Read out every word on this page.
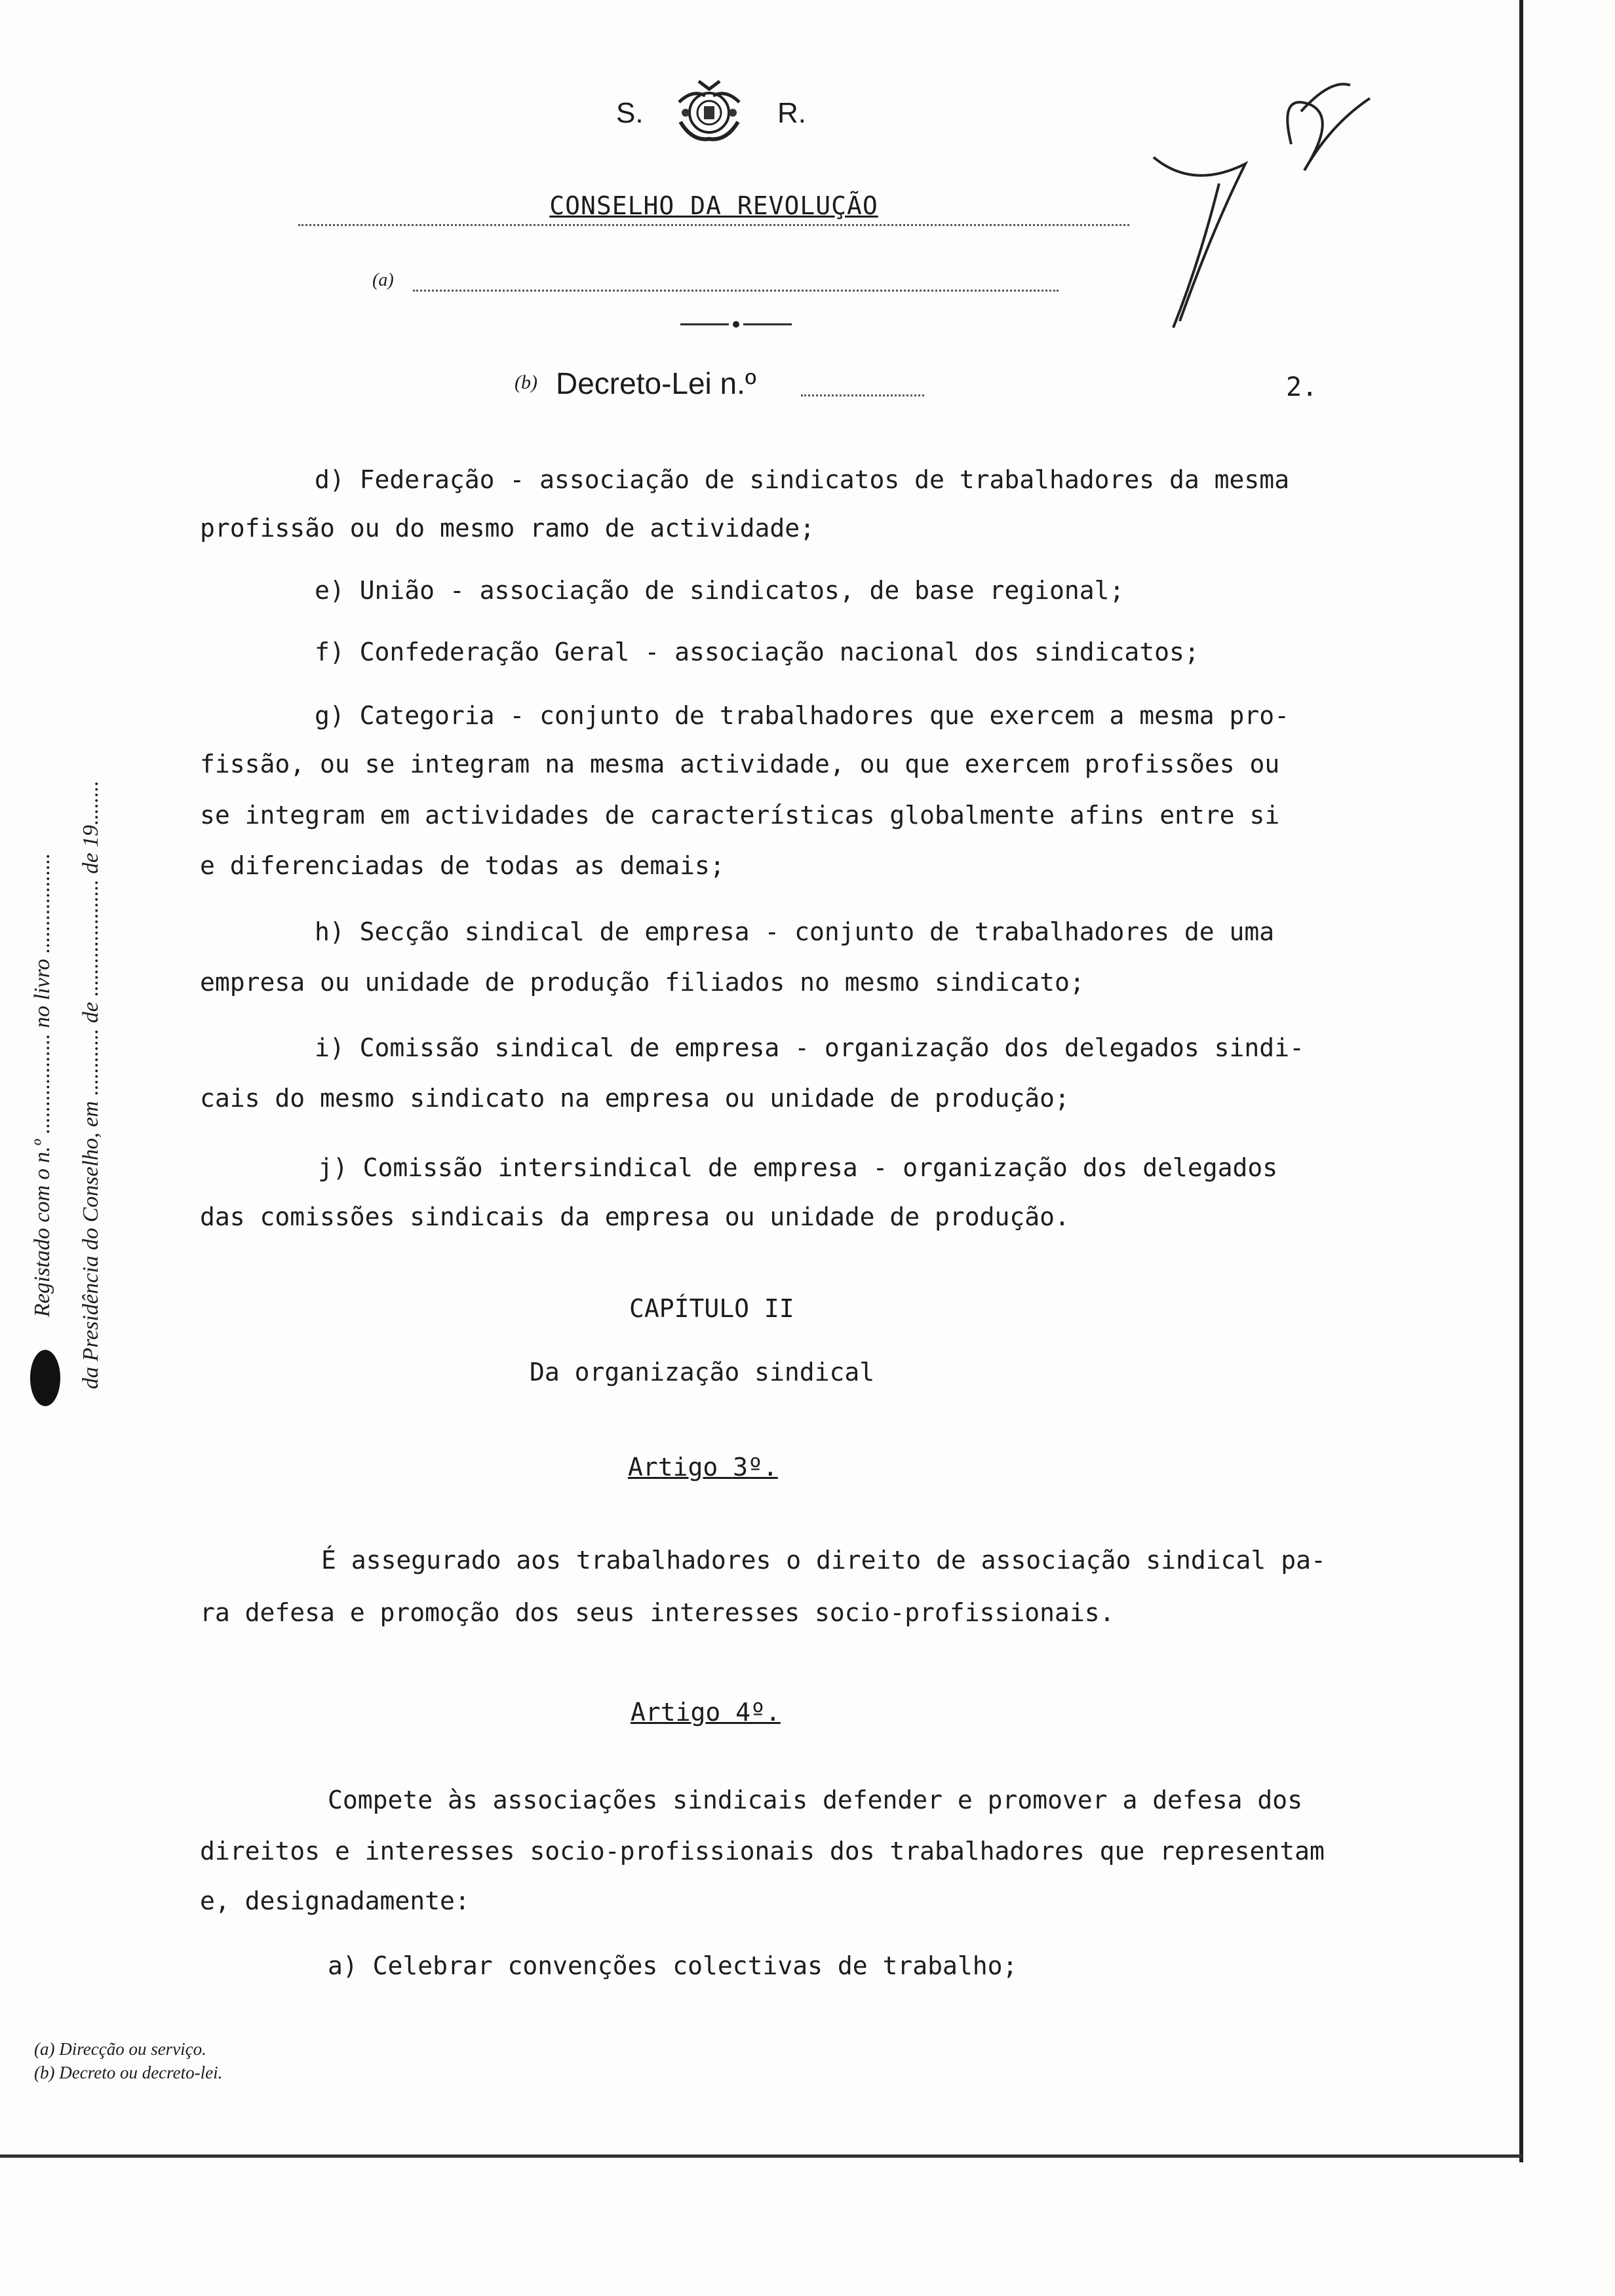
S.	R.
CONSELHO DA REVOLUÇÃO
(a)
(b) Decreto-Lei n.º	2.
d) Federação - associação de sindicatos de trabalhadores da mesma
profissão ou do mesmo ramo de actividade;
e) União - associação de sindicatos, de base regional;
f) Confederação Geral - associação nacional dos sindicatos;
g) Categoria - conjunto de trabalhadores que exercem a mesma pro-
fissão, ou se integram na mesma actividade, ou que exercem profissões ou
se integram em actividades de características globalmente afins entre si
e diferenciadas de todas as demais;
h) Secção sindical de empresa - conjunto de trabalhadores de uma
empresa ou unidade de produção filiados no mesmo sindicato;
i) Comissão sindical de empresa - organização dos delegados sindi-
cais do mesmo sindicato na empresa ou unidade de produção;
j) Comissão intersindical de empresa - organização dos delegados
das comissões sindicais da empresa ou unidade de produção.
CAPÍTULO II
Da organização sindical
Artigo 3º.
É assegurado aos trabalhadores o direito de associação sindical pa-
ra defesa e promoção dos seus interesses socio-profissionais.
Artigo 4º.
Compete às associações sindicais defender e promover a defesa dos
direitos e interesses socio-profissionais dos trabalhadores que representam
e, designadamente:
a) Celebrar convenções colectivas de trabalho;
Registado com o n.º .................. no livro .................. da Presidência do Conselho, em ............ de ..................... de 19........
(a) Direcção ou serviço.
(b) Decreto ou decreto-lei.
